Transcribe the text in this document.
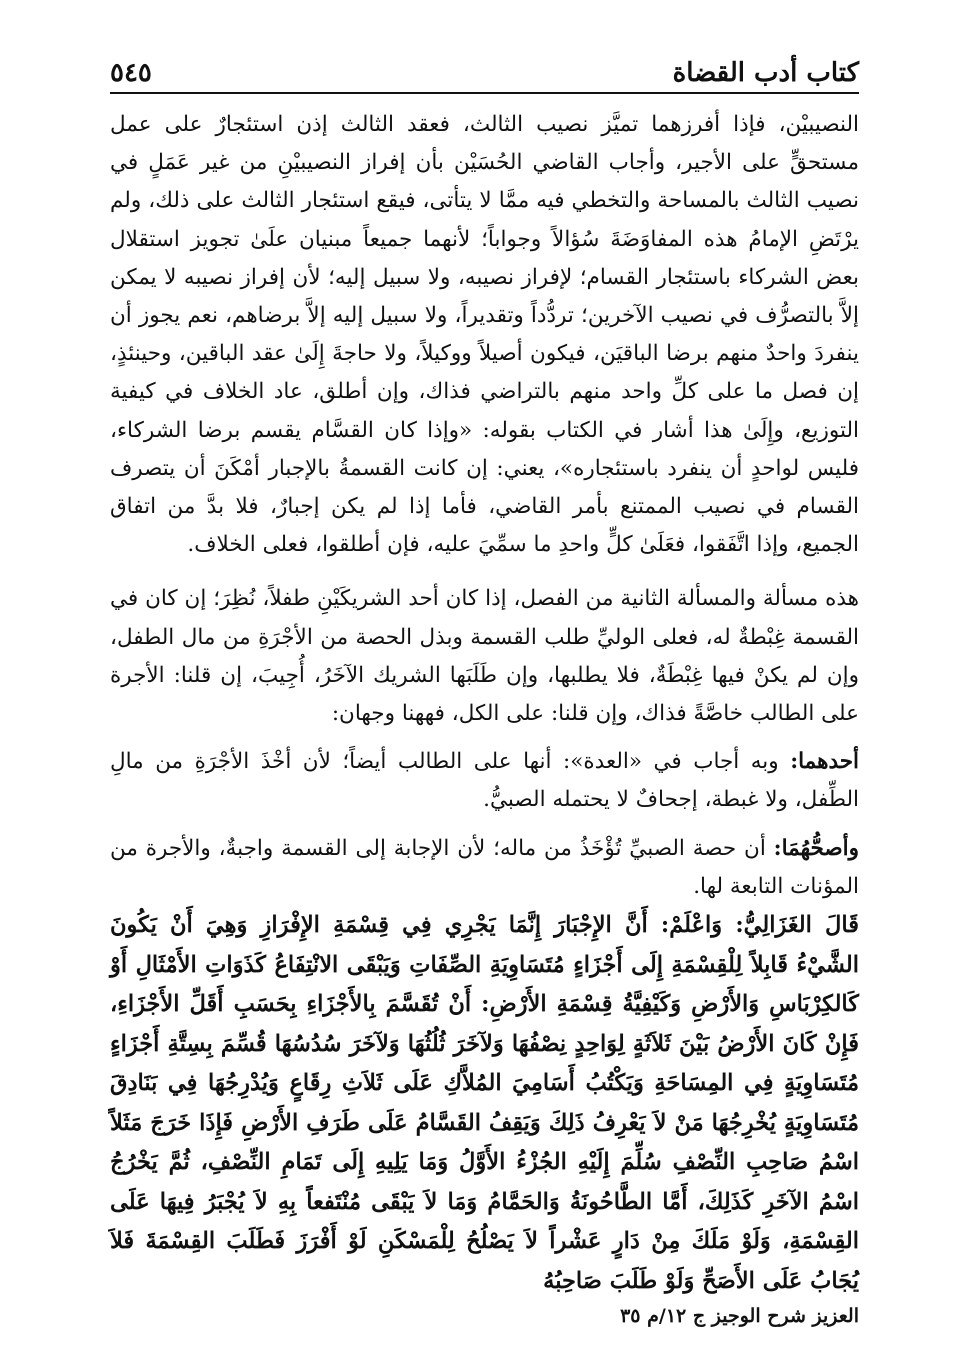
كتاب أدب القضاة
٥٤٥

النصيبيْن، فإذا أفرزهما تميَّز نصيب الثالث، فعقد الثالث إذن استئجارٌ على عمل مستحقٍّ على الأجير، وأجاب القاضي الحُسَيْن بأن إفراز النصيبيْنِ من غير عَمَلٍ في نصيب الثالث بالمساحة والتخطي فيه ممَّا لا يتأتى، فيقع استئجار الثالث على ذلك، ولم يرْتَضِ الإمامُ هذه المفاوَضَةَ سُؤالاً وجواباً؛ لأنهما جميعاً مبنيان علَىٰ تجويز استقلال بعض الشركاء باستئجار القسام؛ لإفراز نصيبه، ولا سبيل إليه؛ لأن إفراز نصيبه لا يمكن إلاَّ بالتصرُّف في نصيب الآخرين؛ تردُّداً وتقديراً، ولا سبيل إليه إلاَّ برضاهم، نعم يجوز أن ينفردَ واحدٌ منهم برضا الباقيَن، فيكون أصيلاً ووكيلاً، ولا حاجةَ إِلَىٰ عقد الباقين، وحينئذٍ، إن فصل ما على كلِّ واحد منهم بالتراضي فذاك، وإن أطلق، عاد الخلاف في كيفية التوزيع، وإِلَىٰ هذا أشار في الكتاب بقوله: «وإذا كان القسَّام يقسم برضا الشركاء، فليس لواحدٍ أن ينفرد باستئجاره»، يعني: إن كانت القسمةُ بالإجبار أمْكَنَ أن يتصرف القسام في نصيب الممتنع بأمر القاضي، فأما إذا لم يكن إجبارٌ، فلا بدَّ من اتفاق الجميع، وإذا اتَّفَقوا، فعَلَىٰ كلٍّ واحدِ ما سمِّيَ عليه، فإن أطلقوا، فعلى الخلاف.

هذه مسألة والمسألة الثانية من الفصل، إذا كان أحد الشريكَيْنِ طفلاً، نُظِرَ؛ إن كان في القسمة غِبْطةٌ له، فعلى الوليِّ طلب القسمة وبذل الحصة من الأجْرَةِ من مال الطفل، وإن لم يكنْ فيها غِبْطَةٌ، فلا يطلبها، وإن طَلَبَها الشريك الآخَرُ، أُجِيبَ، إن قلنا: الأجرة على الطالب خاصَّةً فذاك، وإن قلنا: على الكل، فههنا وجهان:

أحدهما: وبه أجاب في «العدة»: أنها على الطالب أيضاً؛ لأن أخْذَ الأجْرَةِ من مالِ الطِّفل، ولا غبطة، إجحافٌ لا يحتمله الصبيُّ.

وأصحُّهُمَا: أن حصة الصبيِّ تُؤْخَذُ من ماله؛ لأن الإجابة إلى القسمة واجبةٌ، والأجرة من المؤنات التابعة لها.

قَالَ الغَزَالِيُّ: وَاعْلَمْ: أَنَّ الإِجْبَارَ إِنَّمَا يَجْرِي فِي قِسْمَةِ الإِفْرَازِ وَهِيَ أَنْ يَكُونَ الشَّيْءُ قَابِلاً لِلْقِسْمَةِ إِلَى أَجْزَاءٍ مُتَسَاوِيَةِ الصِّفَاتِ وَيَبْقَى الانْتِفَاعُ كَذَوَاتِ الأَمْثَالِ أَوْ كَالكِرْبَاسِ وَالأَرْضِ وَكَيْفِيَّةُ قِسْمَةِ الأَرْضِ: أَنْ تُقَسَّمَ بِالأَجْزَاءِ بِحَسَبِ أَقَلِّ الأَجْزَاءِ، فَإِنْ كَانَ الأَرْضُ بَيْنَ ثَلاَثَةٍ لِوَاحِدٍ نِصْفُهَا وَلآخَرَ ثُلُثُهَا وَلآخَرَ سُدُسُهَا قُسِّمَ بِسِتَّةِ أَجْزَاءٍ مُتَسَاوِيَةٍ فِي المِسَاحَةِ وَيَكْتُبُ أَسَامِيَ المُلاَّكِ عَلَى ثَلاَثِ رِقَاعٍ وَيُدْرِجُهَا فِي بَنَادِقَ مُتَسَاوِيَةٍ يُخْرِجُهَا مَنْ لاَ يَعْرِفُ ذَلِكَ وَيَقِفُ القَسَّامُ عَلَى طَرَفِ الأَرْضِ فَإِذَا خَرَجَ مَثَلاً اسْمُ صَاحِبِ النِّصْفِ سُلِّمَ إِلَيْهِ الجُزْءُ الأَوَّلُ وَمَا يَلِيهِ إِلَى تَمَامِ النِّصْفِ، ثُمَّ يَخْرُجُ اسْمُ الآخَرِ كَذَلِكَ، أَمَّا الطَّاحُونَةُ وَالحَمَّامُ وَمَا لاَ يَبْقَى مُنْتَفعاً بِهِ لاَ يُجْبَرُ فِيهَا عَلَى القِسْمَةِ، وَلَوْ مَلَكَ مِنْ دَارٍ عَشْراً لاَ يَصْلُحُ لِلْمَسْكَنِ لَوْ أَفْرَزَ فَطَلَبَ القِسْمَةَ فَلاَ يُجَابُ عَلَى الأَصَحِّ وَلَوْ طَلَبَ صَاحِبُهُ

العزيز شرح الوجيز ج ١٢/م ٣٥
